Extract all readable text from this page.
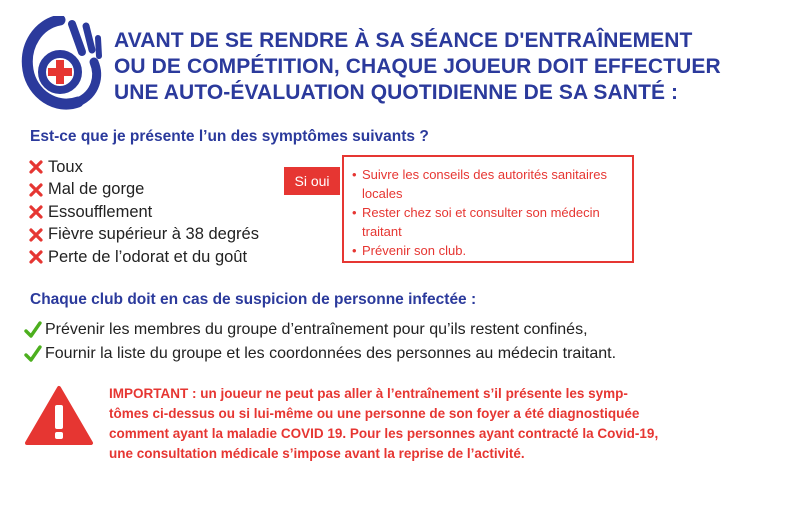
AVANT DE SE RENDRE À SA SÉANCE D'ENTRAÎNEMENT
OU DE COMPÉTITION, CHAQUE JOUEUR DOIT EFFECTUER
UNE AUTO-ÉVALUATION QUOTIDIENNE DE SA SANTÉ :
Est-ce que je présente l’un des symptômes suivants ?
Toux
Mal de gorge
Essoufflement
Fièvre supérieur à 38 degrés
Perte de l’odorat et du goût
Si oui	• Suivre les conseils des autorités sanitaires locales
• Rester chez soi et consulter son médecin traitant
• Prévenir son club.
Chaque club doit en cas de suspicion de personne infectée :
Prévenir les membres du groupe d’entraînement pour qu’ils restent confinés,
Fournir la liste du groupe et les coordonnées des personnes au médecin traitant.
IMPORTANT : un joueur ne peut pas aller à l’entraînement s’il présente les symp-
tômes ci-dessus ou si lui-même ou une personne de son foyer a été diagnostiquée
comment ayant la maladie COVID 19. Pour les personnes ayant contracté la Covid-19,
une consultation médicale s’impose avant la reprise de l’activité.
